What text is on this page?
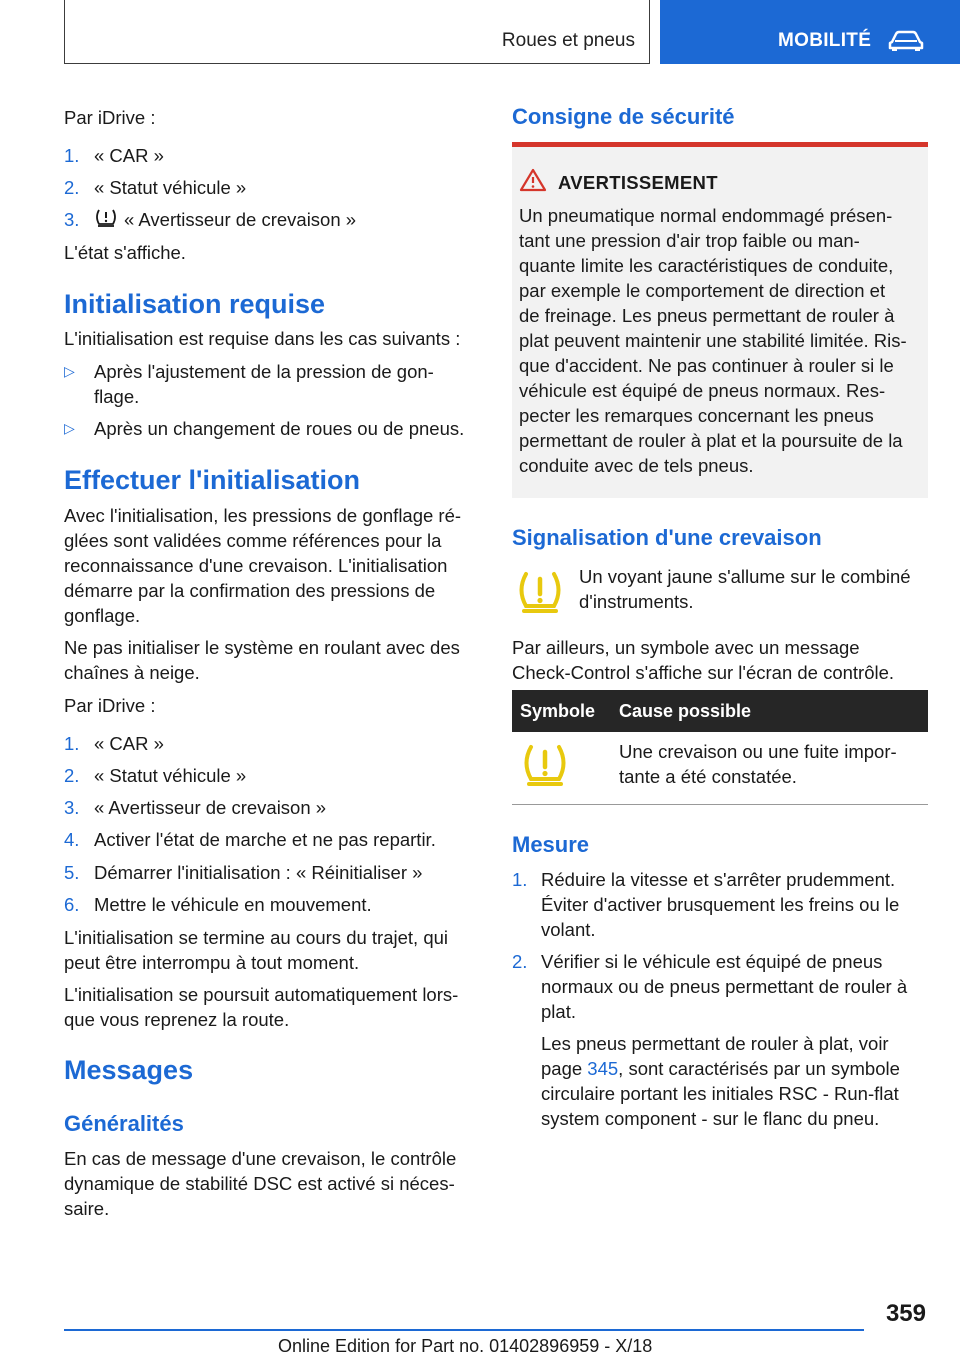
Roues et pneus	MOBILITÉ
Par iDrive :
1. « CAR »
2. « Statut véhicule »
3. « Avertisseur de crevaison »
L'état s'affiche.
Initialisation requise
L'initialisation est requise dans les cas suivants :
▷ Après l'ajustement de la pression de gon-
flage.
▷ Après un changement de roues ou de pneus.
Effectuer l'initialisation
Avec l'initialisation, les pressions de gonflage ré-
glées sont validées comme références pour la
reconnaissance d'une crevaison. L'initialisation
démarre par la confirmation des pressions de
gonflage.
Ne pas initialiser le système en roulant avec des
chaînes à neige.
Par iDrive :
1. « CAR »
2. « Statut véhicule »
3. « Avertisseur de crevaison »
4. Activer l'état de marche et ne pas repartir.
5. Démarrer l'initialisation : « Réinitialiser »
6. Mettre le véhicule en mouvement.
L'initialisation se termine au cours du trajet, qui
peut être interrompu à tout moment.
L'initialisation se poursuit automatiquement lors-
que vous reprenez la route.
Messages
Généralités
En cas de message d'une crevaison, le contrôle
dynamique de stabilité DSC est activé si néces-
saire.
Consigne de sécurité
AVERTISSEMENT
Un pneumatique normal endommagé présen-
tant une pression d'air trop faible ou man-
quante limite les caractéristiques de conduite,
par exemple le comportement de direction et
de freinage. Les pneus permettant de rouler à
plat peuvent maintenir une stabilité limitée. Ris-
que d'accident. Ne pas continuer à rouler si le
véhicule est équipé de pneus normaux. Res-
pecter les remarques concernant les pneus
permettant de rouler à plat et la poursuite de la
conduite avec de tels pneus.
Signalisation d'une crevaison
Un voyant jaune s'allume sur le combiné
d'instruments.
Par ailleurs, un symbole avec un message
Check-Control s'affiche sur l'écran de contrôle.
Symbole Cause possible
Une crevaison ou une fuite impor-
tante a été constatée.
Mesure
1. Réduire la vitesse et s'arrêter prudemment.
Éviter d'activer brusquement les freins ou le
volant.
2. Vérifier si le véhicule est équipé de pneus
normaux ou de pneus permettant de rouler à
plat.
Les pneus permettant de rouler à plat, voir
page 345, sont caractérisés par un symbole
circulaire portant les initiales RSC - Run-flat
system component - sur le flanc du pneu.
359
Online Edition for Part no. 01402896959 - X/18
